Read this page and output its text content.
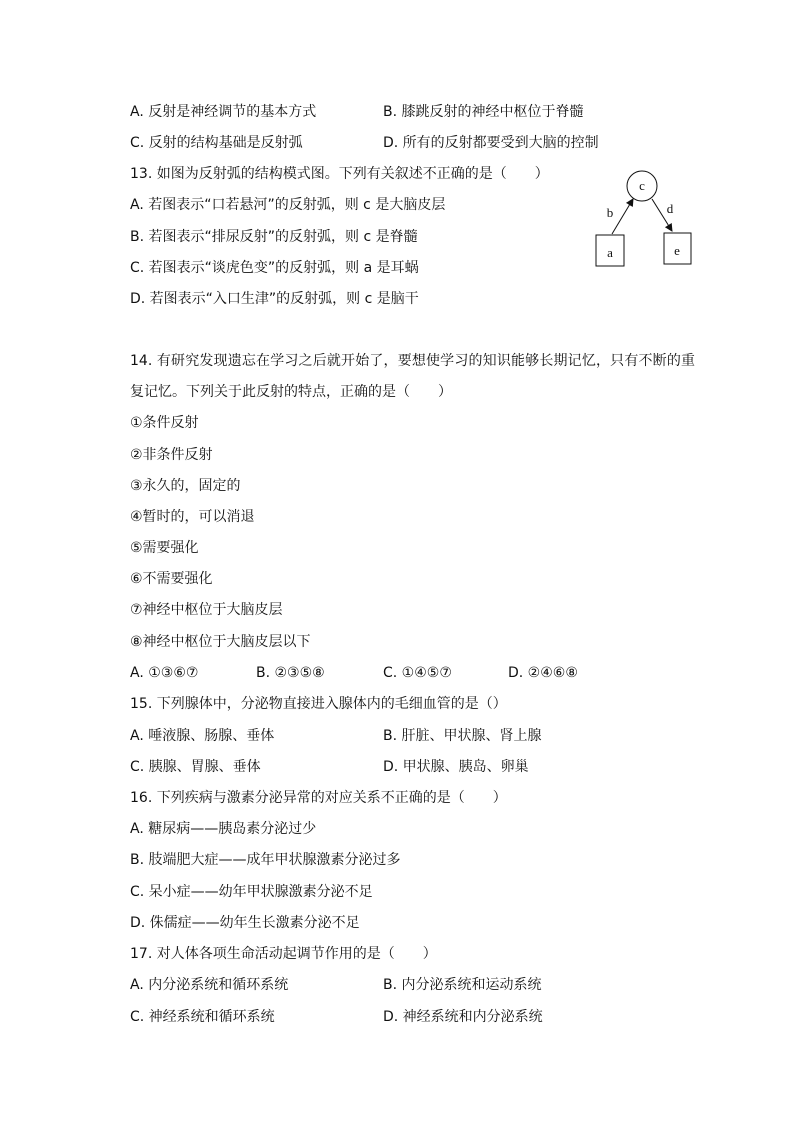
A. 反射是神经调节的基本方式	B. 膝跳反射的神经中枢位于脊髓
C. 反射的结构基础是反射弧	D. 所有的反射都要受到大脑的控制
13. 如图为反射弧的结构模式图。下列有关叙述不正确的是（　　）
A. 若图表示“口若悬河”的反射弧，则 c 是大脑皮层
B. 若图表示“排尿反射”的反射弧，则 c 是脊髓
C. 若图表示“谈虎色变”的反射弧，则 a 是耳蜗
D. 若图表示“入口生津”的反射弧，则 c 是脑干
c
a	e
b	d
14. 有研究发现遗忘在学习之后就开始了，要想使学习的知识能够长期记忆，只有不断的重
复记忆。下列关于此反射的特点，正确的是（　　）
①条件反射
②非条件反射
③永久的，固定的
④暂时的，可以消退
⑤需要强化
⑥不需要强化
⑦神经中枢位于大脑皮层
⑧神经中枢位于大脑皮层以下
A. ①③⑥⑦	B. ②③⑤⑧	C. ①④⑤⑦	D. ②④⑥⑧
15. 下列腺体中，分泌物直接进入腺体内的毛细血管的是（）
A. 唾液腺、肠腺、垂体	B. 肝脏、甲状腺、肾上腺
C. 胰腺、胃腺、垂体	D. 甲状腺、胰岛、卵巢
16. 下列疾病与激素分泌异常的对应关系不正确的是（　　）
A. 糖尿病——胰岛素分泌过少
B. 肢端肥大症——成年甲状腺激素分泌过多
C. 呆小症——幼年甲状腺激素分泌不足
D. 侏儒症——幼年生长激素分泌不足
17. 对人体各项生命活动起调节作用的是（　　）
A. 内分泌系统和循环系统	B. 内分泌系统和运动系统
C. 神经系统和循环系统	D. 神经系统和内分泌系统
